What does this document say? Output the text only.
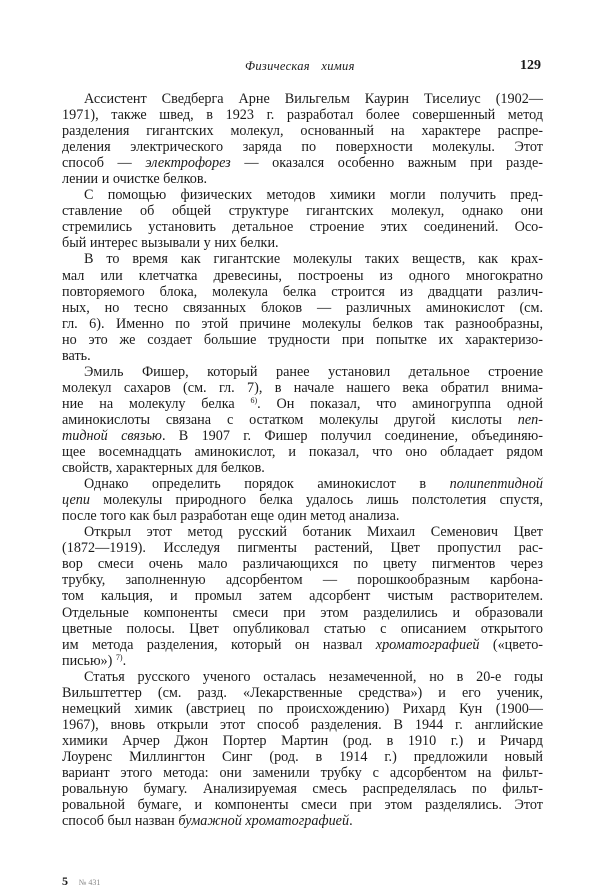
Физическая химия	129
Ассистент Сведберга Арне Вильгельм Каурин Тиселиус (1902—
1971), также швед, в 1923 г. разработал более совершенный метод
разделения гигантских молекул, основанный на характере распре-
деления электрического заряда по поверхности молекулы. Этот
способ — электрофорез — оказался особенно важным при разде-
лении и очистке белков.
С помощью физических методов химики могли получить пред-
ставление об общей структуре гигантских молекул, однако они
стремились установить детальное строение этих соединений. Осо-
бый интерес вызывали у них белки.
В то время как гигантские молекулы таких веществ, как крах-
мал или клетчатка древесины, построены из одного многократно
повторяемого блока, молекула белка строится из двадцати различ-
ных, но тесно связанных блоков — различных аминокислот (см.
гл. 6). Именно по этой причине молекулы белков так разнообразны,
но это же создает большие трудности при попытке их характеризо-
вать.
Эмиль Фишер, который ранее установил детальное строение
молекул сахаров (см. гл. 7), в начале нашего века обратил внима-
ние на молекулу белка $^{6)}$. Он показал, что аминогруппа одной
аминокислоты связана с остатком молекулы другой кислоты пеп-
тидной связью. В 1907 г. Фишер получил соединение, объединяю-
щее восемнадцать аминокислот, и показал, что оно обладает рядом
свойств, характерных для белков.
Однако определить порядок аминокислот в полипептидной
цепи молекулы природного белка удалось лишь полстолетия спустя,
после того как был разработан еще один метод анализа.
Открыл этот метод русский ботаник Михаил Семенович Цвет
(1872—1919). Исследуя пигменты растений, Цвет пропустил рас-
вор смеси очень мало различающихся по цвету пигментов через
трубку, заполненную адсорбентом — порошкообразным карбона-
том кальция, и промыл затем адсорбент чистым растворителем.
Отдельные компоненты смеси при этом разделились и образовали
цветные полосы. Цвет опубликовал статью с описанием открытого
им метода разделения, который он назвал хроматографией («цвето-
писью») $^{7)}$.
Статья русского ученого осталась незамеченной, но в 20-е годы
Вильштеттер (см. разд. «Лекарственные средства») и его ученик,
немецкий химик (австриец по происхождению) Рихард Кун (1900—
1967), вновь открыли этот способ разделения. В 1944 г. английские
химики Арчер Джон Портер Мартин (род. в 1910 г.) и Ричард
Лоуренс Миллингтон Синг (род. в 1914 г.) предложили новый
вариант этого метода: они заменили трубку с адсорбентом на фильт-
ровальную бумагу. Анализируемая смесь распределялась по фильт-
ровальной бумаге, и компоненты смеси при этом разделялись. Этот
способ был назван бумажной хроматографией.
5 № 431
